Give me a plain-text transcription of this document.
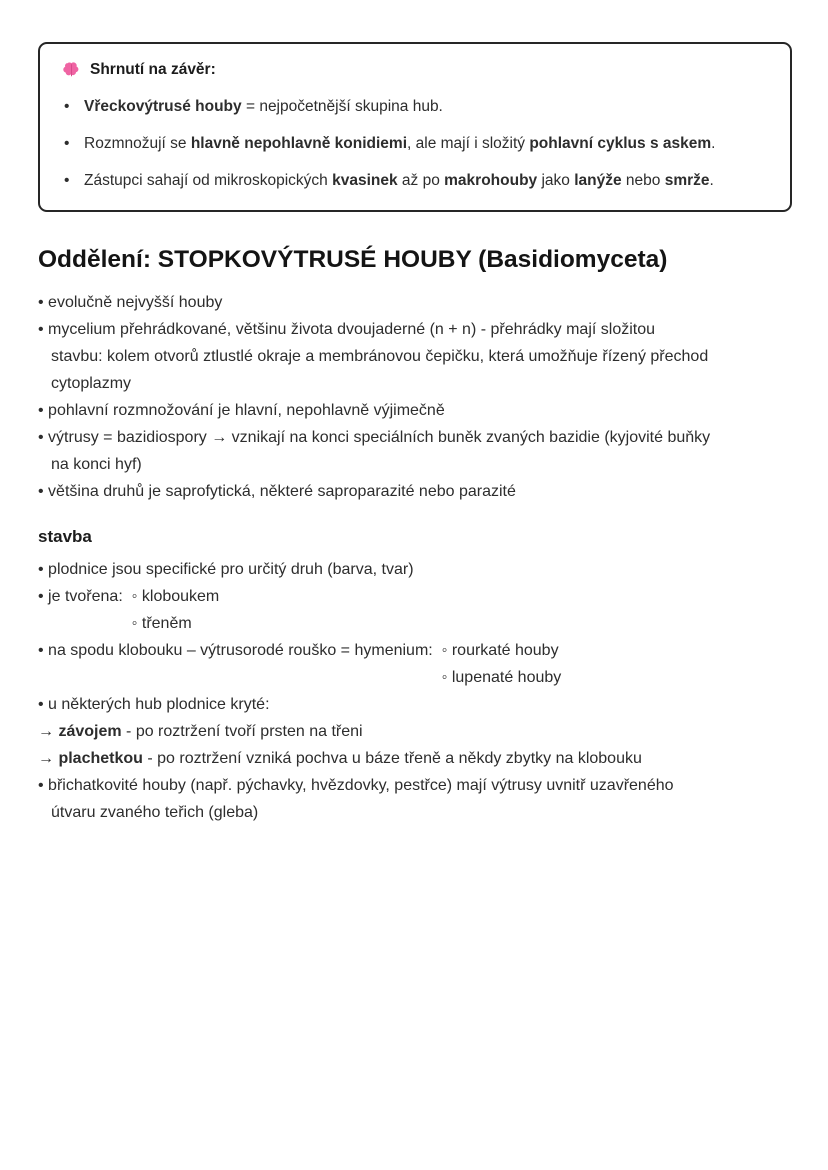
Shrnutí na závěr:
• Vřeckovýtrusé houby = nejpočetnější skupina hub.
• Rozmnožují se hlavně nepohlavně konidiemi, ale mají i složitý pohlavní cyklus s askem.
• Zástupci sahají od mikroskopických kvasinek až po makrohouby jako lanýže nebo smrže.
Oddělení: STOPKOVÝTRUSÉ HOUBY (Basidiomyceta)

• evolučně nejvyšší houby

• mycelium přehrádkované, většinu života dvoujaderné (n + n) - přehrádky mají složitou

stavbu: kolem otvorů ztlustlé okraje a membránovou čepičku, která umožňuje řízený přechod

cytoplazmy

• pohlavní rozmnožování je hlavní, nepohlavně výjimečně

• výtrusy = bazidiospory → vznikají na konci speciálních buněk zvaných bazidie (kyjovité buňky

na konci hyf)

• většina druhů je saprofytická, některé saproparazité nebo parazité

stavba

• plodnice jsou specifické pro určitý druh (barva, tvar)

• je tvořena: ◦ kloboukem
◦ třeněm
• na spodu klobouku – výtrusorodé rouško = hymenium: ◦ rourkaté houby
◦ lupenaté houby

• u některých hub plodnice kryté:

→ závojem - po roztržení tvoří prsten na třeni

→ plachetkou - po roztržení vzniká pochva u báze třeně a někdy zbytky na klobouku

• břichatkovité houby (např. pýchavky, hvězdovky, pestřce) mají výtrusy uvnitř uzavřeného

útvaru zvaného teřich (gleba)
